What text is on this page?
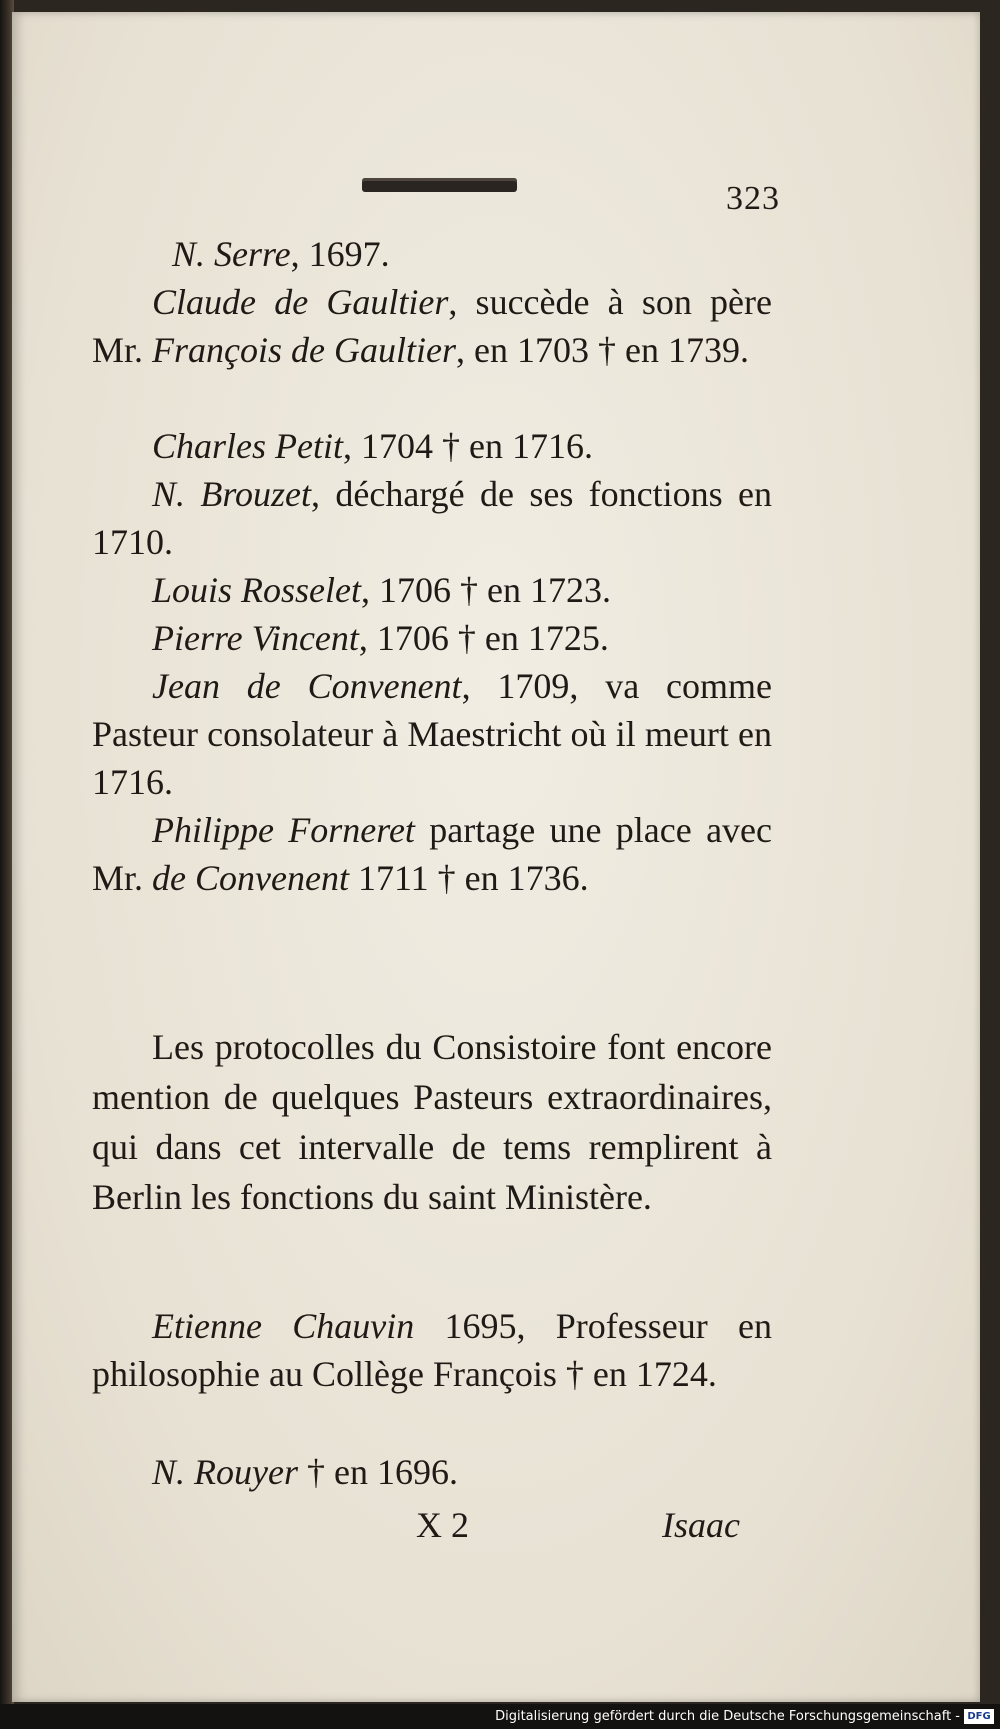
323
N. Serre, 1697.
Claude de Gaultier, succède à son père Mr. François de Gaultier, en 1703 † en 1739.
Charles Petit, 1704 † en 1716.
N. Brouzet, déchargé de ses fonctions en 1710.
Louis Rosselet, 1706 † en 1723.
Pierre Vincent, 1706 † en 1725.
Jean de Convenent, 1709, va comme Pasteur consolateur à Maestricht où il meurt en 1716.
Philippe Forneret partage une place avec Mr. de Convenent 1711 † en 1736.
Les protocolles du Consistoire font encore mention de quelques Pasteurs extraordinaires, qui dans cet intervalle de tems remplirent à Berlin les fonctions du saint Ministère.
Etienne Chauvin 1695, Professeur en philosophie au Collège François † en 1724.
N. Rouyer † en 1696.
X 2	Isaac
Digitalisierung gefördert durch die Deutsche Forschungsgemeinschaft - DFG
